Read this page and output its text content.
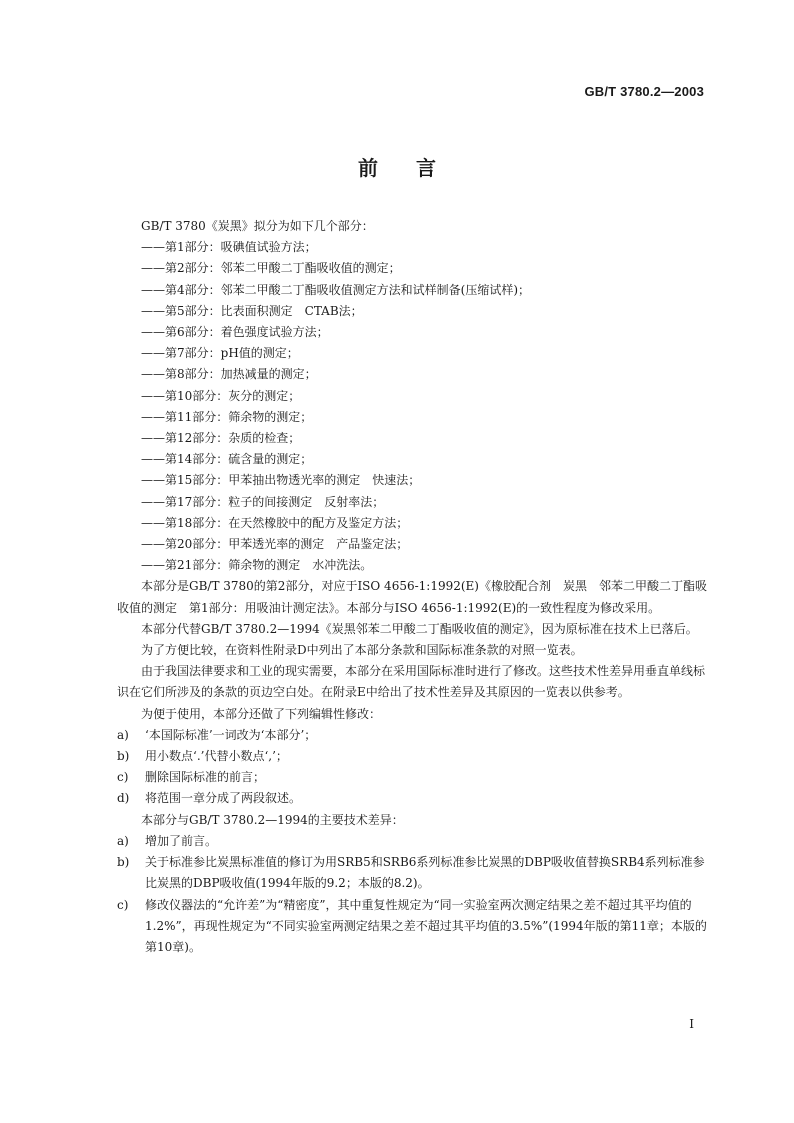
GB/T 3780.2—2003
前言

GB/T 3780《炭黑》拟分为如下几个部分：

——第1部分：吸碘值试验方法；

——第2部分：邻苯二甲酸二丁酯吸收值的测定；

——第4部分：邻苯二甲酸二丁酯吸收值测定方法和试样制备(压缩试样)；

——第5部分：比表面积测定　CTAB法；

——第6部分：着色强度试验方法；

——第7部分：pH值的测定；

——第8部分：加热减量的测定；

——第10部分：灰分的测定；

——第11部分：筛余物的测定；

——第12部分：杂质的检查；

——第14部分：硫含量的测定；

——第15部分：甲苯抽出物透光率的测定　快速法；

——第17部分：粒子的间接测定　反射率法；

——第18部分：在天然橡胶中的配方及鉴定方法；

——第20部分：甲苯透光率的测定　产品鉴定法；

——第21部分：筛余物的测定　水冲洗法。

本部分是GB/T 3780的第2部分，对应于ISO 4656-1:1992(E)《橡胶配合剂　炭黑　邻苯二甲酸二丁酯吸收值的测定　第1部分：用吸油计测定法》。本部分与ISO 4656-1:1992(E)的一致性程度为修改采用。

本部分代替GB/T 3780.2—1994《炭黑邻苯二甲酸二丁酯吸收值的测定》，因为原标准在技术上已落后。

为了方便比较，在资料性附录D中列出了本部分条款和国际标准条款的对照一览表。

由于我国法律要求和工业的现实需要，本部分在采用国际标准时进行了修改。这些技术性差异用垂直单线标识在它们所涉及的条款的页边空白处。在附录E中给出了技术性差异及其原因的一览表以供参考。

为便于使用，本部分还做了下列编辑性修改：

a) ‘本国际标准’一词改为‘本部分’；

b) 用小数点‘.’代替小数点‘,’；

c) 删除国际标准的前言；

d) 将范围一章分成了两段叙述。

本部分与GB/T 3780.2—1994的主要技术差异：

a) 增加了前言。

b) 关于标准参比炭黑标准值的修订为用SRB5和SRB6系列标准参比炭黑的DBP吸收值替换SRB4系列标准参比炭黑的DBP吸收值(1994年版的9.2；本版的8.2)。

c) 修改仪器法的“允许差”为“精密度”，其中重复性规定为“同一实验室两次测定结果之差不超过其平均值的1.2%”，再现性规定为“不同实验室两测定结果之差不超过其平均值的3.5%”(1994年版的第11章；本版的第10章)。

I
